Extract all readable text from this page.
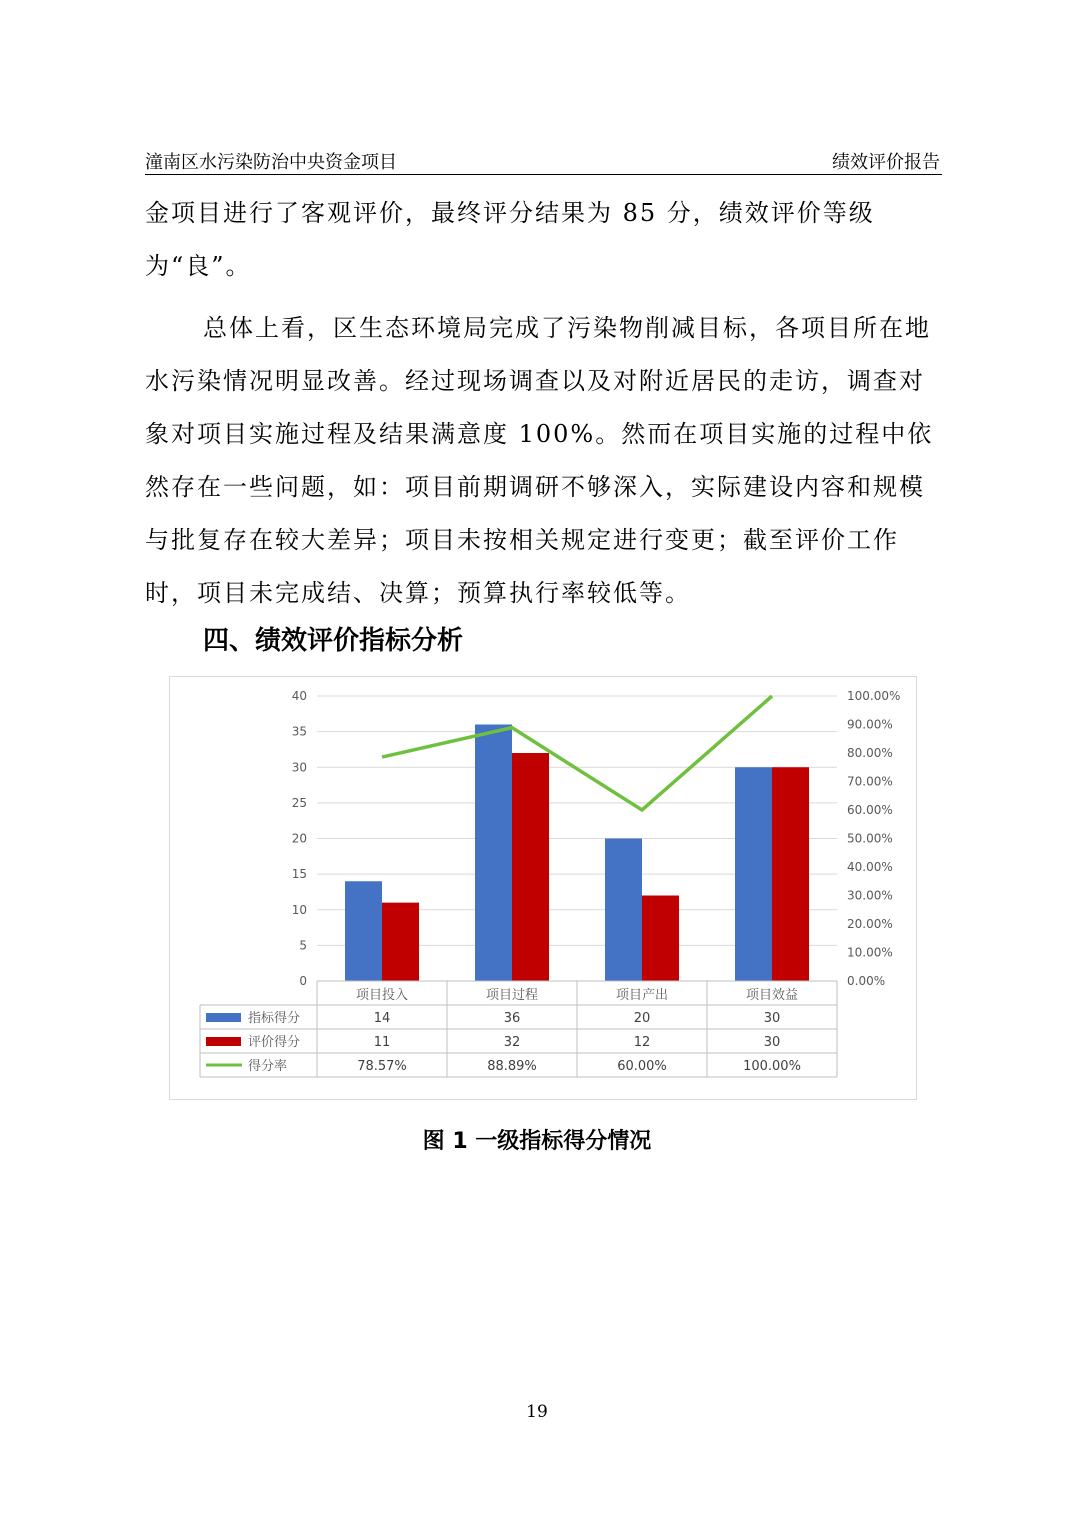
潼南区水污染防治中央资金项目	绩效评价报告
金项目进行了客观评价，最终评分结果为 85 分，绩效评价等级为“良”。
总体上看，区生态环境局完成了污染物削减目标，各项目所在地水污染情况明显改善。经过现场调查以及对附近居民的走访，调查对象对项目实施过程及结果满意度 100%。然而在项目实施的过程中依然存在一些问题，如：项目前期调研不够深入，实际建设内容和规模与批复存在较大差异；项目未按相关规定进行变更；截至评价工作时，项目未完成结、决算；预算执行率较低等。
四、绩效评价指标分析
0
5
10
15
20
25
30
35
40
0.00%
10.00%
20.00%
30.00%
40.00%
50.00%
60.00%
70.00%
80.00%
90.00%
100.00%
项目投入	项目过程	项目产出	项目效益
指标得分	14	36	20	30
评价得分	11	32	12	30
得分率	78.57%	88.89%	60.00%	100.00%
图 1 一级指标得分情况
19
